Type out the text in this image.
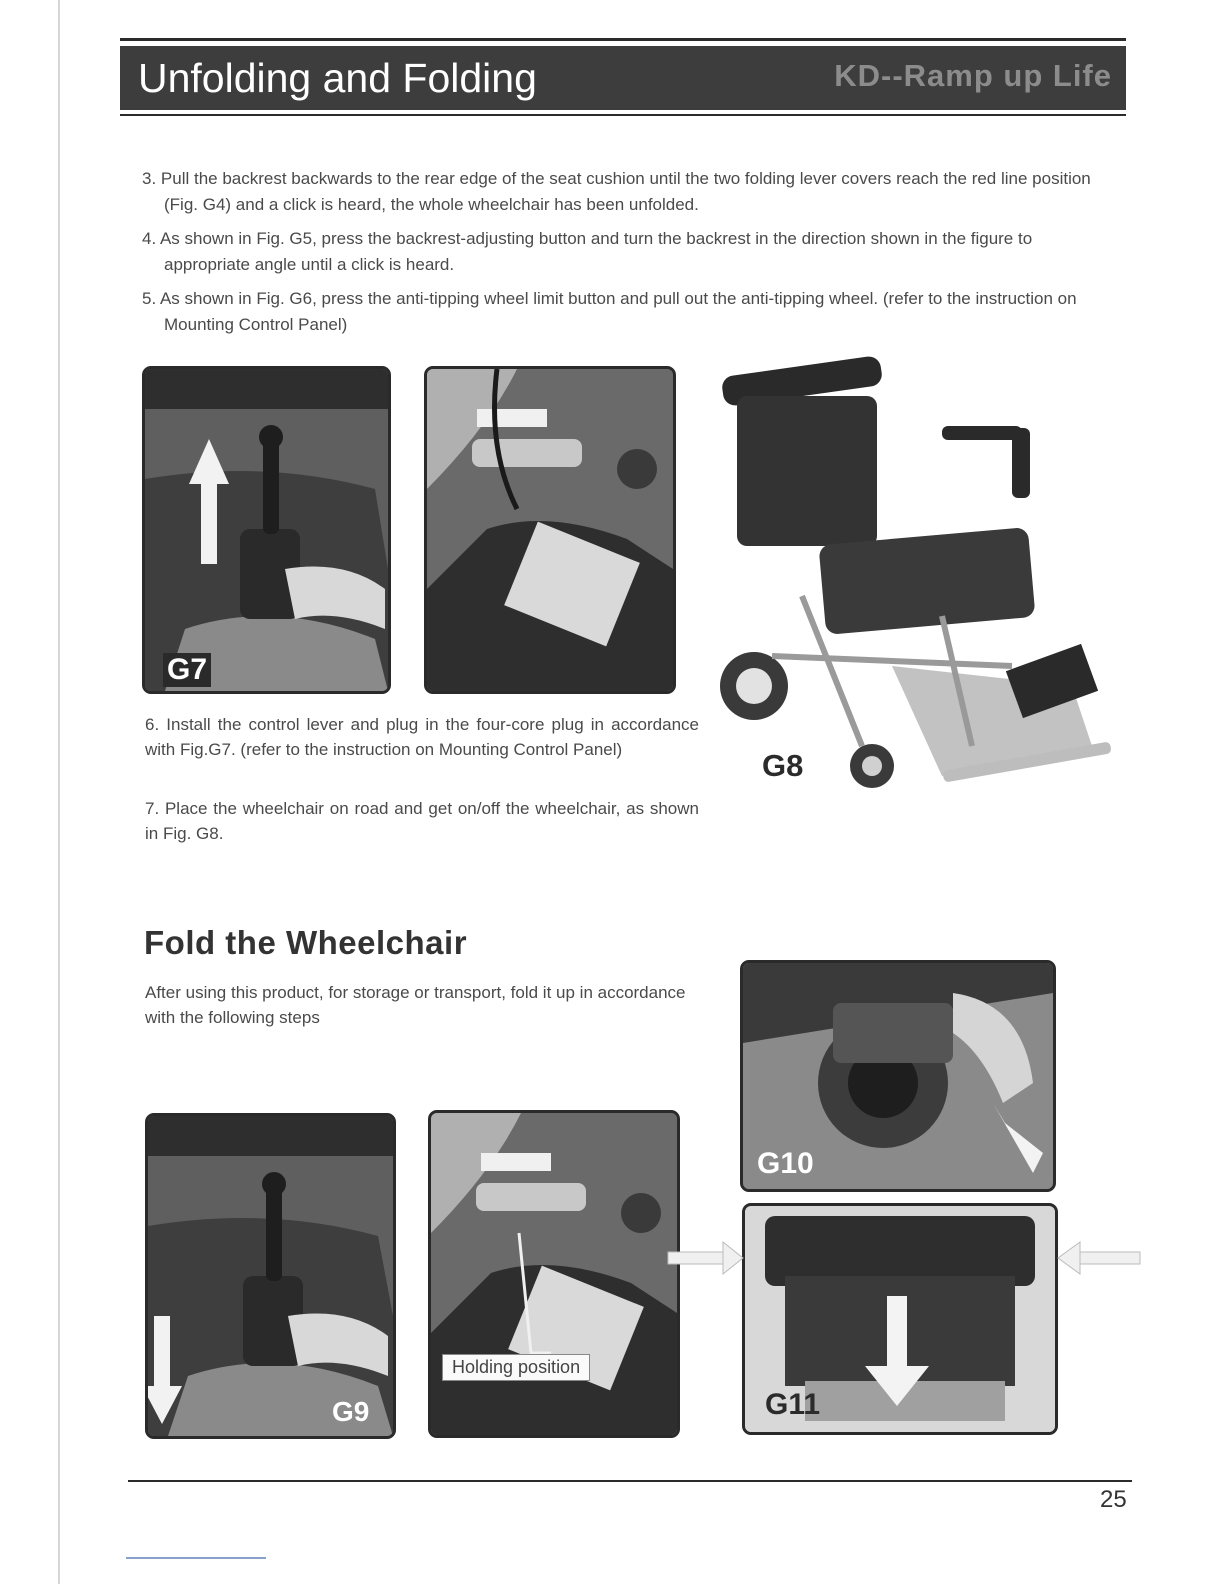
Unfolding and Folding	KD--Ramp up Life
3. Pull the backrest backwards to the rear edge of the seat cushion until the two folding lever covers reach the red line position (Fig. G4) and a click is heard, the whole wheelchair has been unfolded.
4. As shown in Fig. G5, press the backrest-adjusting button and turn the backrest in the direction shown in the figure to appropriate angle until a click is heard.
5. As shown in Fig. G6, press the anti-tipping wheel limit button and pull out the anti-tipping wheel. (refer to the instruction on Mounting Control Panel)
G7
G8
6. Install the control lever and plug in the four-core plug in accordance with Fig.G7. (refer to the instruction on Mounting Control Panel)
7. Place the wheelchair on road and get on/off the wheelchair, as shown in Fig. G8.
Fold the Wheelchair
After using this product, for storage or transport, fold it up in accordance with the following steps
G10
G9
Holding position
G11
25
